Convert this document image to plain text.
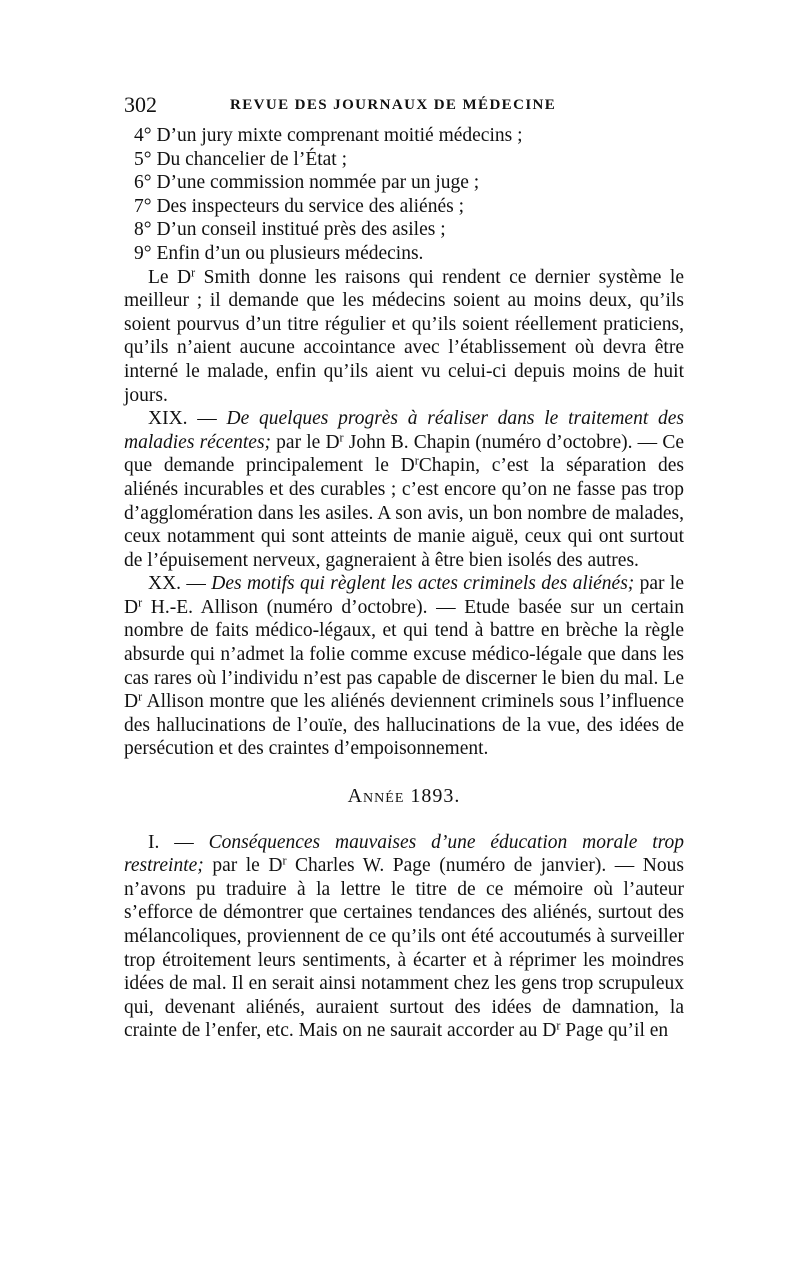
302	REVUE DES JOURNAUX DE MÉDECINE
4° D’un jury mixte comprenant moitié médecins ;
5° Du chancelier de l’État ;
6° D’une commission nommée par un juge ;
7° Des inspecteurs du service des aliénés ;
8° D’un conseil institué près des asiles ;
9° Enfin d’un ou plusieurs médecins.

Le $D^r$ Smith donne les raisons qui rendent ce dernier système le meilleur ; il demande que les médecins soient au moins deux, qu’ils soient pourvus d’un titre régulier et qu’ils soient réellement praticiens, qu’ils n’aient aucune accointance avec l’établissement où devra être interné le malade, enfin qu’ils aient vu celui-ci depuis moins de huit jours.

XIX. — De quelques progrès à réaliser dans le traitement des maladies récentes; par le $D^r$ John B. Chapin (numéro d’octobre). — Ce que demande principalement le $D^rChapin$, c’est la séparation des aliénés incurables et des curables ; c’est encore qu’on ne fasse pas trop d’agglomération dans les asiles. A son avis, un bon nombre de malades, ceux notamment qui sont atteints de manie aiguë, ceux qui ont surtout de l’épuisement nerveux, gagneraient à être bien isolés des autres.

XX. — Des motifs qui règlent les actes criminels des aliénés; par le $D^r$ H.-E. Allison (numéro d’octobre). — Etude basée sur un certain nombre de faits médico-légaux, et qui tend à battre en brèche la règle absurde qui n’admet la folie comme excuse médico-légale que dans les cas rares où l’individu n’est pas capable de discerner le bien du mal. Le $D^r$ Allison montre que les aliénés deviennent criminels sous l’influence des hallucinations de l’ouïe, des hallucinations de la vue, des idées de persécution et des craintes d’empoisonnement.

Année 1893.

I. — Conséquences mauvaises d’une éducation morale trop restreinte; par le $D^r$ Charles W. Page (numéro de janvier). — Nous n’avons pu traduire à la lettre le titre de ce mémoire où l’auteur s’efforce de démontrer que certaines tendances des aliénés, surtout des mélancoliques, proviennent de ce qu’ils ont été accoutumés à surveiller trop étroitement leurs sentiments, à écarter et à réprimer les moindres idées de mal. Il en serait ainsi notamment chez les gens trop scrupuleux qui, devenant aliénés, auraient surtout des idées de damnation, la crainte de l’enfer, etc. Mais on ne saurait accorder au $D^r$ Page qu’il en
